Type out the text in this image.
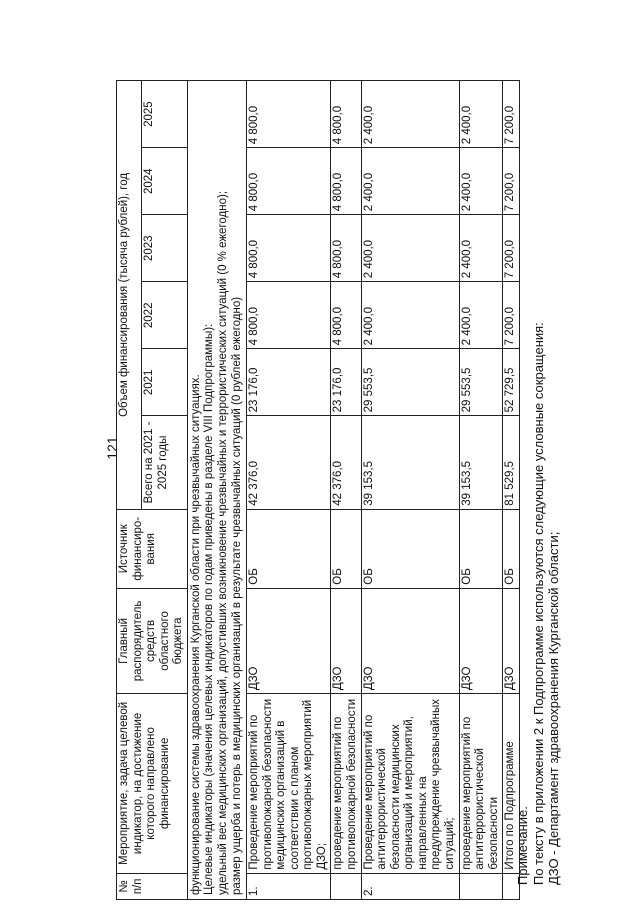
121
№ п/п	Мероприятие, задача целевой индикатор, на достижение которого направлено финансирование	Главный распорядитель средств областного бюджета	Источник финансиро-вания	Объем финансирования (тысяча рублей), год					
				Всего на 2021 - 2025 годы	2021	2022	2023	2024	2025

функционирование системы здравоохранения Курганской области при чрезвычайных ситуациях. Целевые индикаторы (значения целевых индикаторов по годам приведены в разделе VIII Подпрограммы): удельный вес медицинских организаций, допустивших возникновение чрезвычайных и террористических ситуаций (0 % ежегодно); размер ущерба и потерь в медицинских организаций в результате чрезвычайных ситуаций (0 рублей ежегодно)									

1.	Проведение мероприятий по противопожарной безопасности медицинских организаций в соответствии с планом противопожарных мероприятий ДЗО;	ДЗО	ОБ	42 376,0	23 176,0	4 800,0	4 800,0	4 800,0	4 800,0
	проведение мероприятий по противопожарной безопасности	ДЗО	ОБ	42 376,0	23 176,0	4 800,0	4 800,0	4 800,0	4 800,0
2.	Проведение мероприятий по антитеррористической безопасности медицинских организаций и мероприятий, направленных на предупреждение чрезвычайных ситуаций;	ДЗО	ОБ	39 153,5	29 553,5	2 400,0	2 400,0	2 400,0	2 400,0
	проведение мероприятий по антитеррористической безопасности	ДЗО	ОБ	39 153,5	29 553,5	2 400,0	2 400,0	2 400,0	2 400,0
	Итого по Подпрограмме	ДЗО	ОБ	81 529,5	52 729,5	7 200,0	7 200,0	7 200,0	7 200,0
Примечание. По тексту в приложении 2 к Подпрограмме используются следующие условные сокращения: ДЗО - Департамент здравоохранения Курганской области;
